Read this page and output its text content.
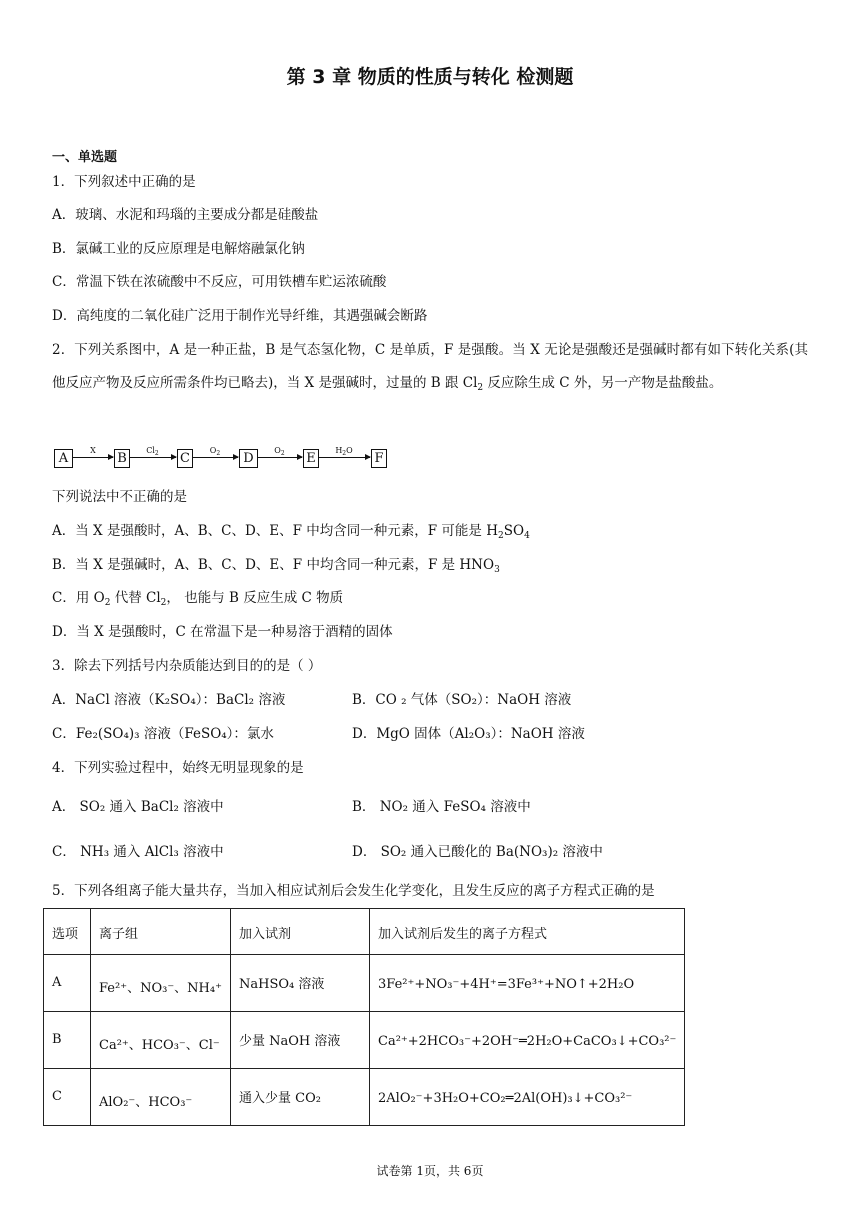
第 3 章 物质的性质与转化 检测题
一、单选题
1．下列叙述中正确的是
A．玻璃、水泥和玛瑙的主要成分都是硅酸盐
B．氯碱工业的反应原理是电解熔融氯化钠
C．常温下铁在浓硫酸中不反应，可用铁槽车贮运浓硫酸
D．高纯度的二氧化硅广泛用于制作光导纤维，其遇强碱会断路
2．下列关系图中，A 是一种正盐，B 是气态氢化物，C 是单质，F 是强酸。当 X 无论是强酸还是强碱时都有如下转化关系(其他反应产物及反应所需条件均已略去)，当 X 是强碱时，过量的 B 跟 $Cl_2$ 反应除生成 C 外，另一产物是盐酸盐。
A
X
B
$Cl_2$	C
$O_2$	D
$O_2$	E
$H_2O$
F
下列说法中不正确的是
A．当 X 是强酸时，A、B、C、D、E、F 中均含同一种元素，F 可能是 $H_2SO_4$
B．当 X 是强碱时，A、B、C、D、E、F 中均含同一种元素，F 是 $HNO_3$
C．用 $O_2$ 代替 $Cl_2$， 也能与 B 反应生成 C 物质
D．当 X 是强酸时，C 在常温下是一种易溶于酒精的固体
3．除去下列括号内杂质能达到目的的是（ ）
A．NaCl 溶液（K₂SO₄）：BaCl₂ 溶液	B．CO ₂ 气体（SO₂）：NaOH 溶液
C．Fe₂(SO₄)₃ 溶液（FeSO₄）：氯水	D．MgO 固体（Al₂O₃）：NaOH 溶液
4．下列实验过程中，始终无明显现象的是
A． SO₂ 通入 BaCl₂ 溶液中	B． NO₂ 通入 FeSO₄ 溶液中
C． NH₃ 通入 AlCl₃ 溶液中	D． SO₂ 通入已酸化的 Ba(NO₃)₂ 溶液中
5．下列各组离子能大量共存，当加入相应试剂后会发生化学变化，且发生反应的离子方程式正确的是
选项	离子组	加入试剂	加入试剂后发生的离子方程式

A	Fe²⁺、NO₃⁻、NH₄⁺	NaHSO₄ 溶液	3Fe²⁺+NO₃⁻+4H⁺=3Fe³⁺+NO↑+2H₂O

B	Ca²⁺、HCO₃⁻、Cl⁻	少量 NaOH 溶液	Ca²⁺+2HCO₃⁻+2OH⁻═2H₂O+CaCO₃↓+CO₃²⁻

C	AlO₂⁻、HCO₃⁻	通入少量 CO₂	2AlO₂⁻+3H₂O+CO₂═2Al(OH)₃↓+CO₃²⁻
试卷第 1页，共 6页
